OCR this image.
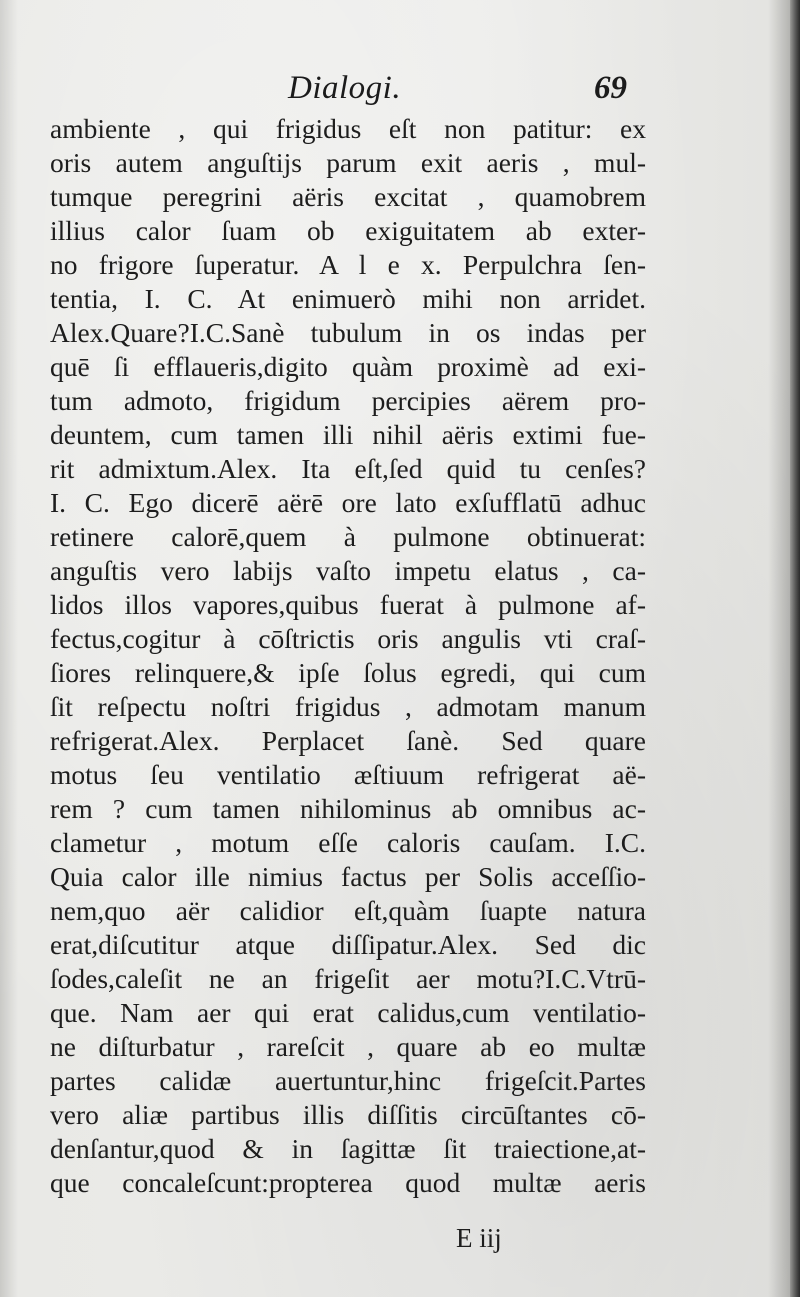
Dialogi.	69
ambiente , qui frigidus eſt non patitur: ex
oris autem anguſtijs parum exit aeris , mul-
tumque peregrini aëris excitat , quamobrem
illius calor ſuam ob exiguitatem ab exter-
no frigore ſuperatur. A l e x. Perpulchra ſen-
tentia, I. C. At enimuerò mihi non arridet.
Alex.Quare?I.C.Sanè tubulum in os indas per
quē ſi efflaueris,digito quàm proximè ad exi-
tum admoto, frigidum percipies aërem pro-
deuntem, cum tamen illi nihil aëris extimi fue-
rit admixtum.Alex. Ita eſt,ſed quid tu cenſes?
I. C. Ego dicerē aërē ore lato exſufflatū adhuc
retinere calorē,quem à pulmone obtinuerat:
anguſtis vero labijs vaſto impetu elatus , ca-
lidos illos vapores,quibus fuerat à pulmone af-
fectus,cogitur à cōſtrictis oris angulis vti craſ-
ſiores relinquere,& ipſe ſolus egredi, qui cum
ſit reſpectu noſtri frigidus , admotam manum
refrigerat.Alex. Perplacet ſanè. Sed quare
motus ſeu ventilatio æſtiuum refrigerat aë-
rem ? cum tamen nihilominus ab omnibus ac-
clametur , motum eſſe caloris cauſam. I.C.
Quia calor ille nimius factus per Solis acceſſio-
nem,quo aër calidior eſt,quàm ſuapte natura
erat,diſcutitur atque diſſipatur.Alex. Sed dic
ſodes,caleſit ne an frigeſit aer motu?I.C.Vtrū-
que. Nam aer qui erat calidus,cum ventilatio-
ne diſturbatur , rareſcit , quare ab eo multæ
partes calidæ auertuntur,hinc frigeſcit.Partes
vero aliæ partibus illis diſſitis circūſtantes cō-
denſantur,quod & in ſagittæ ſit traiectione,at-
que concaleſcunt:propterea quod multæ aeris
E iij
